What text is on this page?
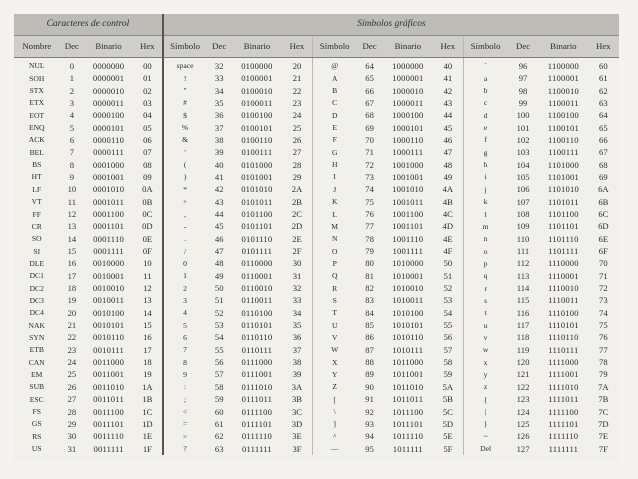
Caracteres de control				Símbolos gráficos											
Nombre	Dec	Binario	Hex	Símbolo	Dec	Binario	Hex	Símbolo	Dec	Binario	Hex	Símbolo	Dec	Binario	Hex
NUL	0	0000000	00	space	32	0100000	20	@	64	1000000	40	`	96	1100000	60
SOH	1	0000001	01	!	33	0100001	21	A	65	1000001	41	a	97	1100001	61
STX	2	0000010	02	"	34	0100010	22	B	66	1000010	42	b	98	1100010	62
ETX	3	0000011	03	#	35	0100011	23	C	67	1000011	43	c	99	1100011	63
EOT	4	0000100	04	$	36	0100100	24	D	68	1000100	44	d	100	1100100	64
ENQ	5	0000101	05	%	37	0100101	25	E	69	1000101	45	e	101	1100101	65
ACK	6	0000110	06	&	38	0100110	26	F	70	1000110	46	f	102	1100110	66
BEL	7	0000111	07	'	39	0100111	27	G	71	1000111	47	g	103	1100111	67
BS	8	0001000	08	(	40	0101000	28	H	72	1001000	48	h	104	1101000	68
HT	9	0001001	09	)	41	0101001	29	I	73	1001001	49	i	105	1101001	69
LF	10	0001010	0A	*	42	0101010	2A	J	74	1001010	4A	j	106	1101010	6A
VT	11	0001011	0B	+	43	0101011	2B	K	75	1001011	4B	k	107	1101011	6B
FF	12	0001100	0C	,	44	0101100	2C	L	76	1001100	4C	l	108	1101100	6C
CR	13	0001101	0D	-	45	0101101	2D	M	77	1001101	4D	m	109	1101101	6D
SO	14	0001110	0E	.	46	0101110	2E	N	78	1001110	4E	n	110	1101110	6E
SI	15	0001111	0F	/	47	0101111	2F	O	79	1001111	4F	o	111	1101111	6F
DLE	16	0010000	10	0	48	0110000	30	P	80	1010000	50	p	112	1110000	70
DC1	17	0010001	11	1	49	0110001	31	Q	81	1010001	51	q	113	1110001	71
DC2	18	0010010	12	2	50	0110010	32	R	82	1010010	52	r	114	1110010	72
DC3	19	0010011	13	3	51	0110011	33	S	83	1010011	53	s	115	1110011	73
DC4	20	0010100	14	4	52	0110100	34	T	84	1010100	54	t	116	1110100	74
NAK	21	0010101	15	5	53	0110101	35	U	85	1010101	55	u	117	1110101	75
SYN	22	0010110	16	6	54	0110110	36	V	86	1010110	56	v	118	1110110	76
ETB	23	0010111	17	7	55	0110111	37	W	87	1010111	57	w	119	1110111	77
CAN	24	0011000	18	8	56	0111000	38	X	88	1011000	58	x	120	1111000	78
EM	25	0011001	19	9	57	0111001	39	Y	89	1011001	59	y	121	1111001	79
SUB	26	0011010	1A	:	58	0111010	3A	Z	90	1011010	5A	z	122	1111010	7A
ESC	27	0011011	1B	;	59	0111011	3B	[	91	1011011	5B	{	123	1111011	7B
FS	28	0011100	1C	<	60	0111100	3C	\	92	1011100	5C	|	124	1111100	7C
GS	29	0011101	1D	=	61	0111101	3D	]	93	1011101	5D	}	125	1111101	7D
RS	30	0011110	1E	>	62	0111110	3E	^	94	1011110	5E	~	126	1111110	7E
US	31	0011111	1F	?	63	0111111	3F	—	95	1011111	5F	Del	127	1111111	7F
